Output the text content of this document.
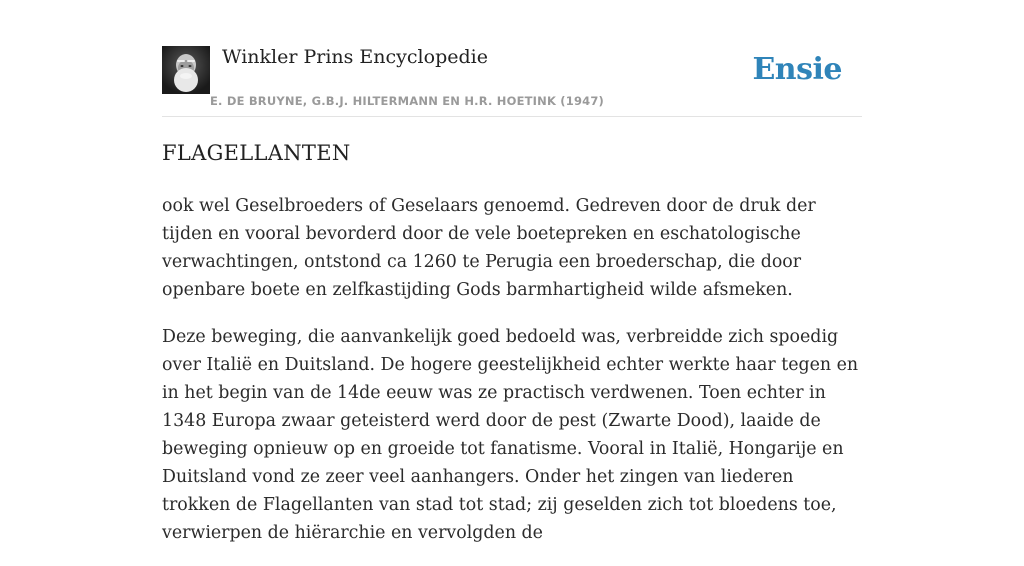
Winkler Prins Encyclopedie
E. DE BRUYNE, G.B.J. HILTERMANN EN H.R. HOETINK (1947)
Ensie
FLAGELLANTEN

ook wel Geselbroeders of Geselaars genoemd. Gedreven door de druk der tijden en vooral bevorderd door de vele boetepreken en eschatologische verwachtingen, ontstond ca 1260 te Perugia een broederschap, die door openbare boete en zelfkastijding Gods barmhartigheid wilde afsmeken.

Deze beweging, die aanvankelijk goed bedoeld was, verbreidde zich spoedig over Italië en Duitsland. De hogere geestelijkheid echter werkte haar tegen en in het begin van de 14de eeuw was ze practisch verdwenen. Toen echter in 1348 Europa zwaar geteisterd werd door de pest (Zwarte Dood), laaide de beweging opnieuw op en groeide tot fanatisme. Vooral in Italië, Hongarije en Duitsland vond ze zeer veel aanhangers. Onder het zingen van liederen trokken de Flagellanten van stad tot stad; zij geselden zich tot bloedens toe, verwierpen de hiërarchie en vervolgden de
